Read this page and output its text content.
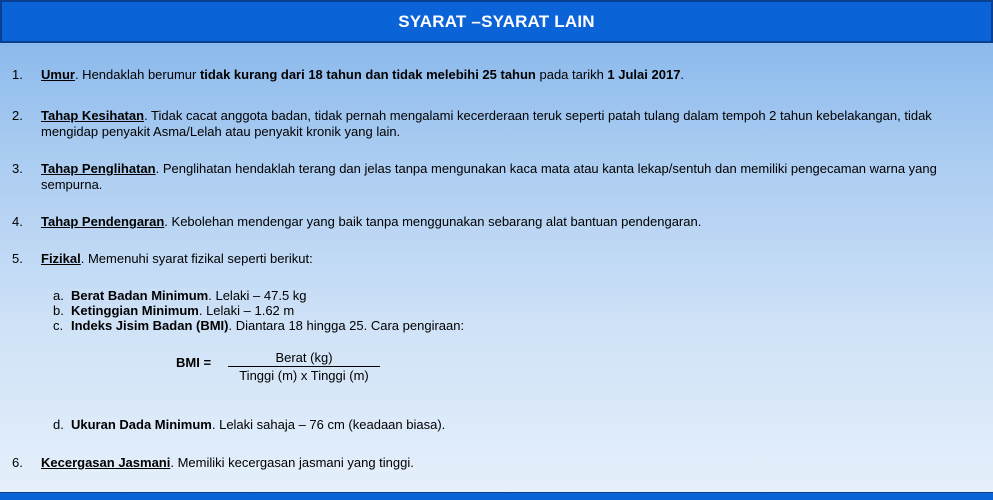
SYARAT –SYARAT LAIN
1. Umur. Hendaklah berumur tidak kurang dari 18 tahun dan tidak melebihi 25 tahun pada tarikh 1 Julai 2017.
2. Tahap Kesihatan. Tidak cacat anggota badan, tidak pernah mengalami kecerderaan teruk seperti patah tulang dalam tempoh 2 tahun kebelakangan, tidak mengidap penyakit Asma/Lelah atau penyakit kronik yang lain.
3. Tahap Penglihatan. Penglihatan hendaklah terang dan jelas tanpa mengunakan kaca mata atau kanta lekap/sentuh dan memiliki pengecaman warna yang sempurna.
4. Tahap Pendengaran. Kebolehan mendengar yang baik tanpa menggunakan sebarang alat bantuan pendengaran.
5. Fizikal. Memenuhi syarat fizikal seperti berikut:
a. Berat Badan Minimum. Lelaki – 47.5 kg
b. Ketinggian Minimum. Lelaki – 1.62 m
c. Indeks Jisim Badan (BMI). Diantara 18 hingga 25. Cara pengiraan:
BMI =	Berat (kg)
Tinggi (m) x Tinggi (m)
d. Ukuran Dada Minimum. Lelaki sahaja – 76 cm (keadaan biasa).
6. Kecergasan Jasmani. Memiliki kecergasan jasmani yang tinggi.
